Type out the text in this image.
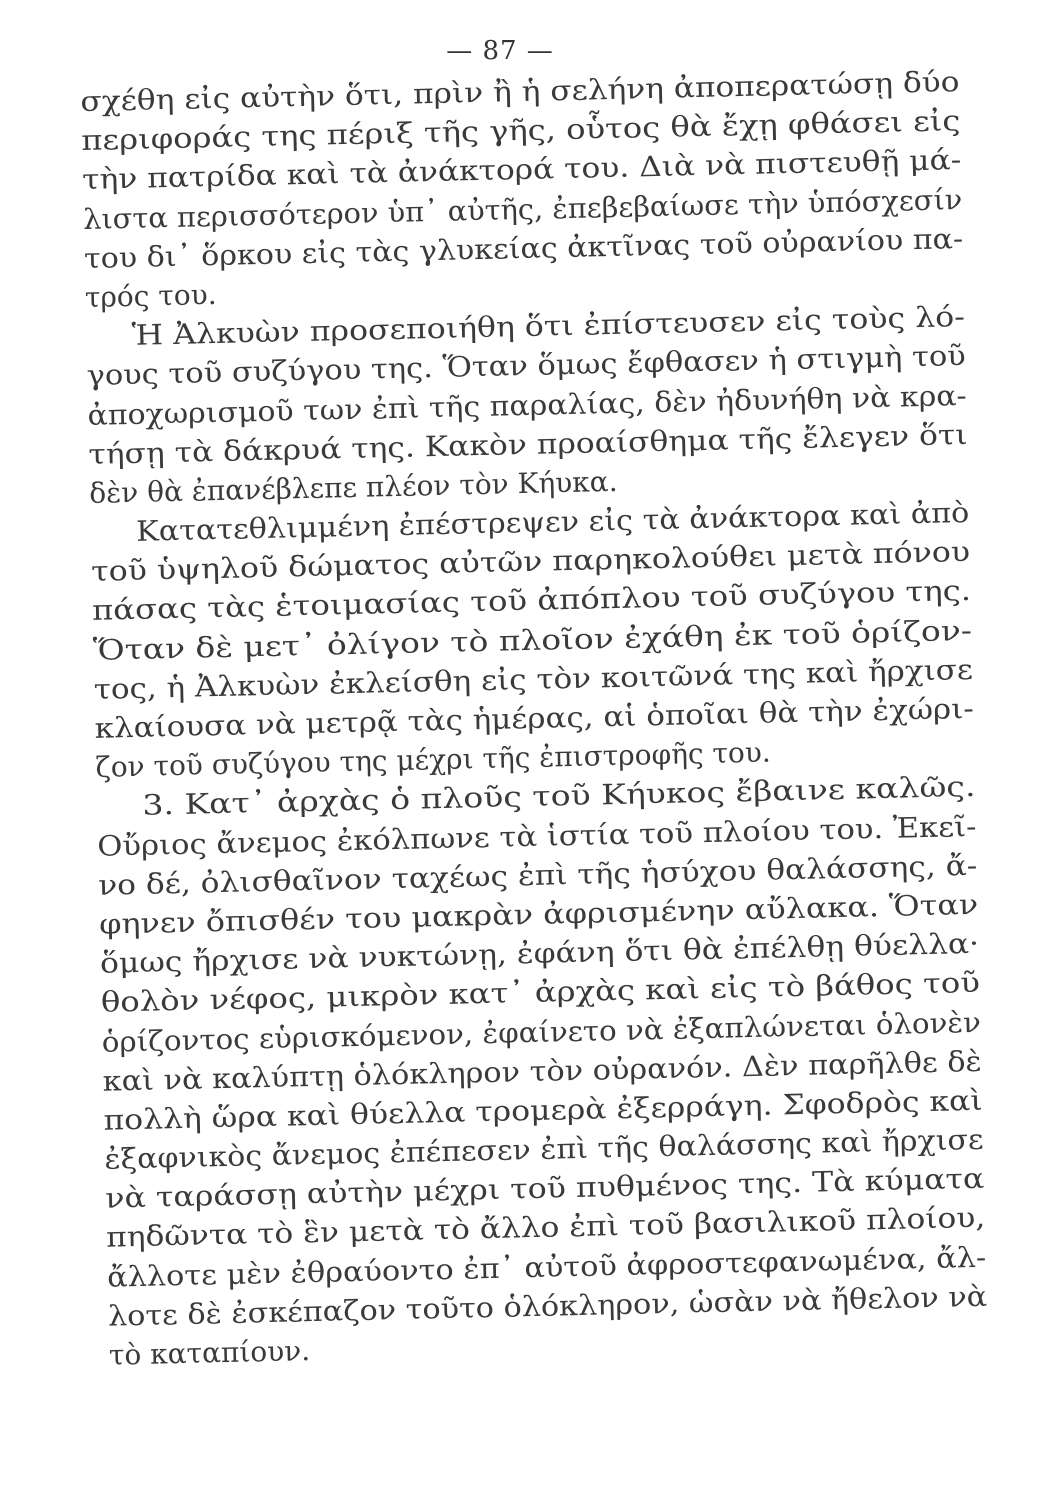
— 87 —
σχέθη εἰς αὐτὴν ὅτι, πρὶν ἢ ἡ σελήνη ἀποπερατώσῃ δύο
περιφοράς της πέριξ τῆς γῆς, οὗτος θὰ ἔχῃ φθάσει εἰς
τὴν πατρίδα καὶ τὰ ἀνάκτορά του. Διὰ νὰ πιστευθῇ μά-
λιστα περισσότερον ὑπ᾽ αὐτῆς, ἐπεβεβαίωσε τὴν ὑπόσχεσίν
του δι᾽ ὅρκου εἰς τὰς γλυκείας ἀκτῖνας τοῦ οὐρανίου πα-
τρός του.
Ἡ Ἀλκυὼν προσεποιήθη ὅτι ἐπίστευσεν εἰς τοὺς λό-
γους τοῦ συζύγου της. Ὅταν ὅμως ἔφθασεν ἡ στιγμὴ τοῦ
ἀποχωρισμοῦ των ἐπὶ τῆς παραλίας, δὲν ἠδυνήθη νὰ κρα-
τήσῃ τὰ δάκρυά της. Κακὸν προαίσθημα τῆς ἔλεγεν ὅτι
δὲν θὰ ἐπανέβλεπε πλέον τὸν Κήυκα.
Κατατεθλιμμένη ἐπέστρεψεν εἰς τὰ ἀνάκτορα καὶ ἀπὸ
τοῦ ὑψηλοῦ δώματος αὐτῶν παρηκολούθει μετὰ πόνου
πάσας τὰς ἑτοιμασίας τοῦ ἀπόπλου τοῦ συζύγου της.
Ὅταν δὲ μετ᾽ ὀλίγον τὸ πλοῖον ἐχάθη ἐκ τοῦ ὁρίζον-
τος, ἡ Ἀλκυὼν ἐκλείσθη εἰς τὸν κοιτῶνά της καὶ ἤρχισε
κλαίουσα νὰ μετρᾷ τὰς ἡμέρας, αἱ ὁποῖαι θὰ τὴν ἐχώρι-
ζον τοῦ συζύγου της μέχρι τῆς ἐπιστροφῆς του.
3. Κατ᾽ ἀρχὰς ὁ πλοῦς τοῦ Κήυκος ἔβαινε καλῶς.
Οὔριος ἄνεμος ἐκόλπωνε τὰ ἱστία τοῦ πλοίου του. Ἐκεῖ-
νο δέ, ὀλισθαῖνον ταχέως ἐπὶ τῆς ἡσύχου θαλάσσης, ἄ-
φηνεν ὄπισθέν του μακρὰν ἀφρισμένην αὔλακα. Ὅταν
ὅμως ἤρχισε νὰ νυκτώνῃ, ἐφάνη ὅτι θὰ ἐπέλθῃ θύελλα·
θολὸν νέφος, μικρὸν κατ᾽ ἀρχὰς καὶ εἰς τὸ βάθος τοῦ
ὁρίζοντος εὑρισκόμενον, ἐφαίνετο νὰ ἐξαπλώνεται ὁλονὲν
καὶ νὰ καλύπτῃ ὁλόκληρον τὸν οὐρανόν. Δὲν παρῆλθε δὲ
πολλὴ ὥρα καὶ θύελλα τρομερὰ ἐξερράγη. Σφοδρὸς καὶ
ἐξαφνικὸς ἄνεμος ἐπέπεσεν ἐπὶ τῆς θαλάσσης καὶ ἤρχισε
νὰ ταράσσῃ αὐτὴν μέχρι τοῦ πυθμένος της. Τὰ κύματα
πηδῶντα τὸ ἓν μετὰ τὸ ἄλλο ἐπὶ τοῦ βασιλικοῦ πλοίου,
ἄλλοτε μὲν ἐθραύοντο ἐπ᾽ αὐτοῦ ἀφροστεφανωμένα, ἄλ-
λοτε δὲ ἐσκέπαζον τοῦτο ὁλόκληρον, ὡσὰν νὰ ἤθελον νὰ
τὸ καταπίουν.
